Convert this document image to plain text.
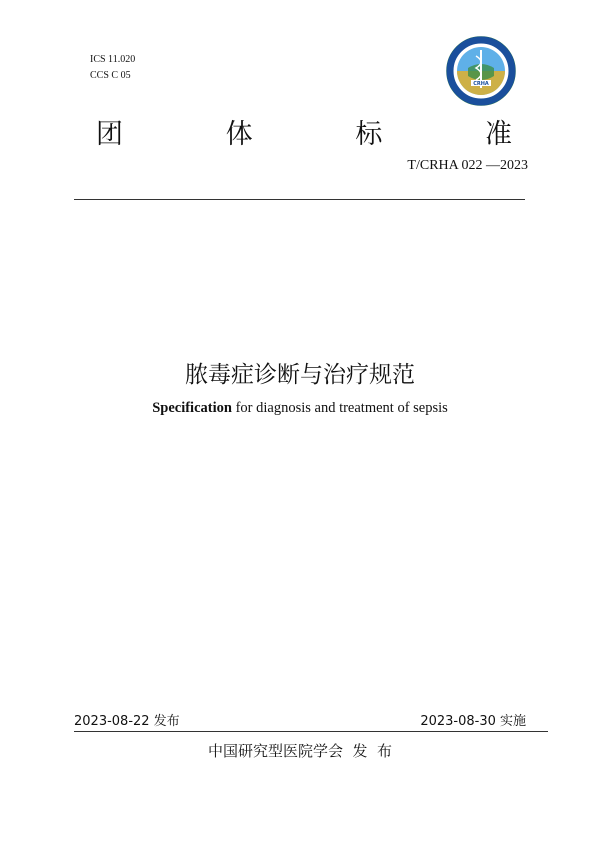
ICS 11.020
CCS C 05
CRHA
团	体	标	准
T/CRHA 022 —2023
脓毒症诊断与治疗规范
Specification for diagnosis and treatment of sepsis
2023-08-22 发布	2023-08-30 实施
中国研究型医院学会  发  布
